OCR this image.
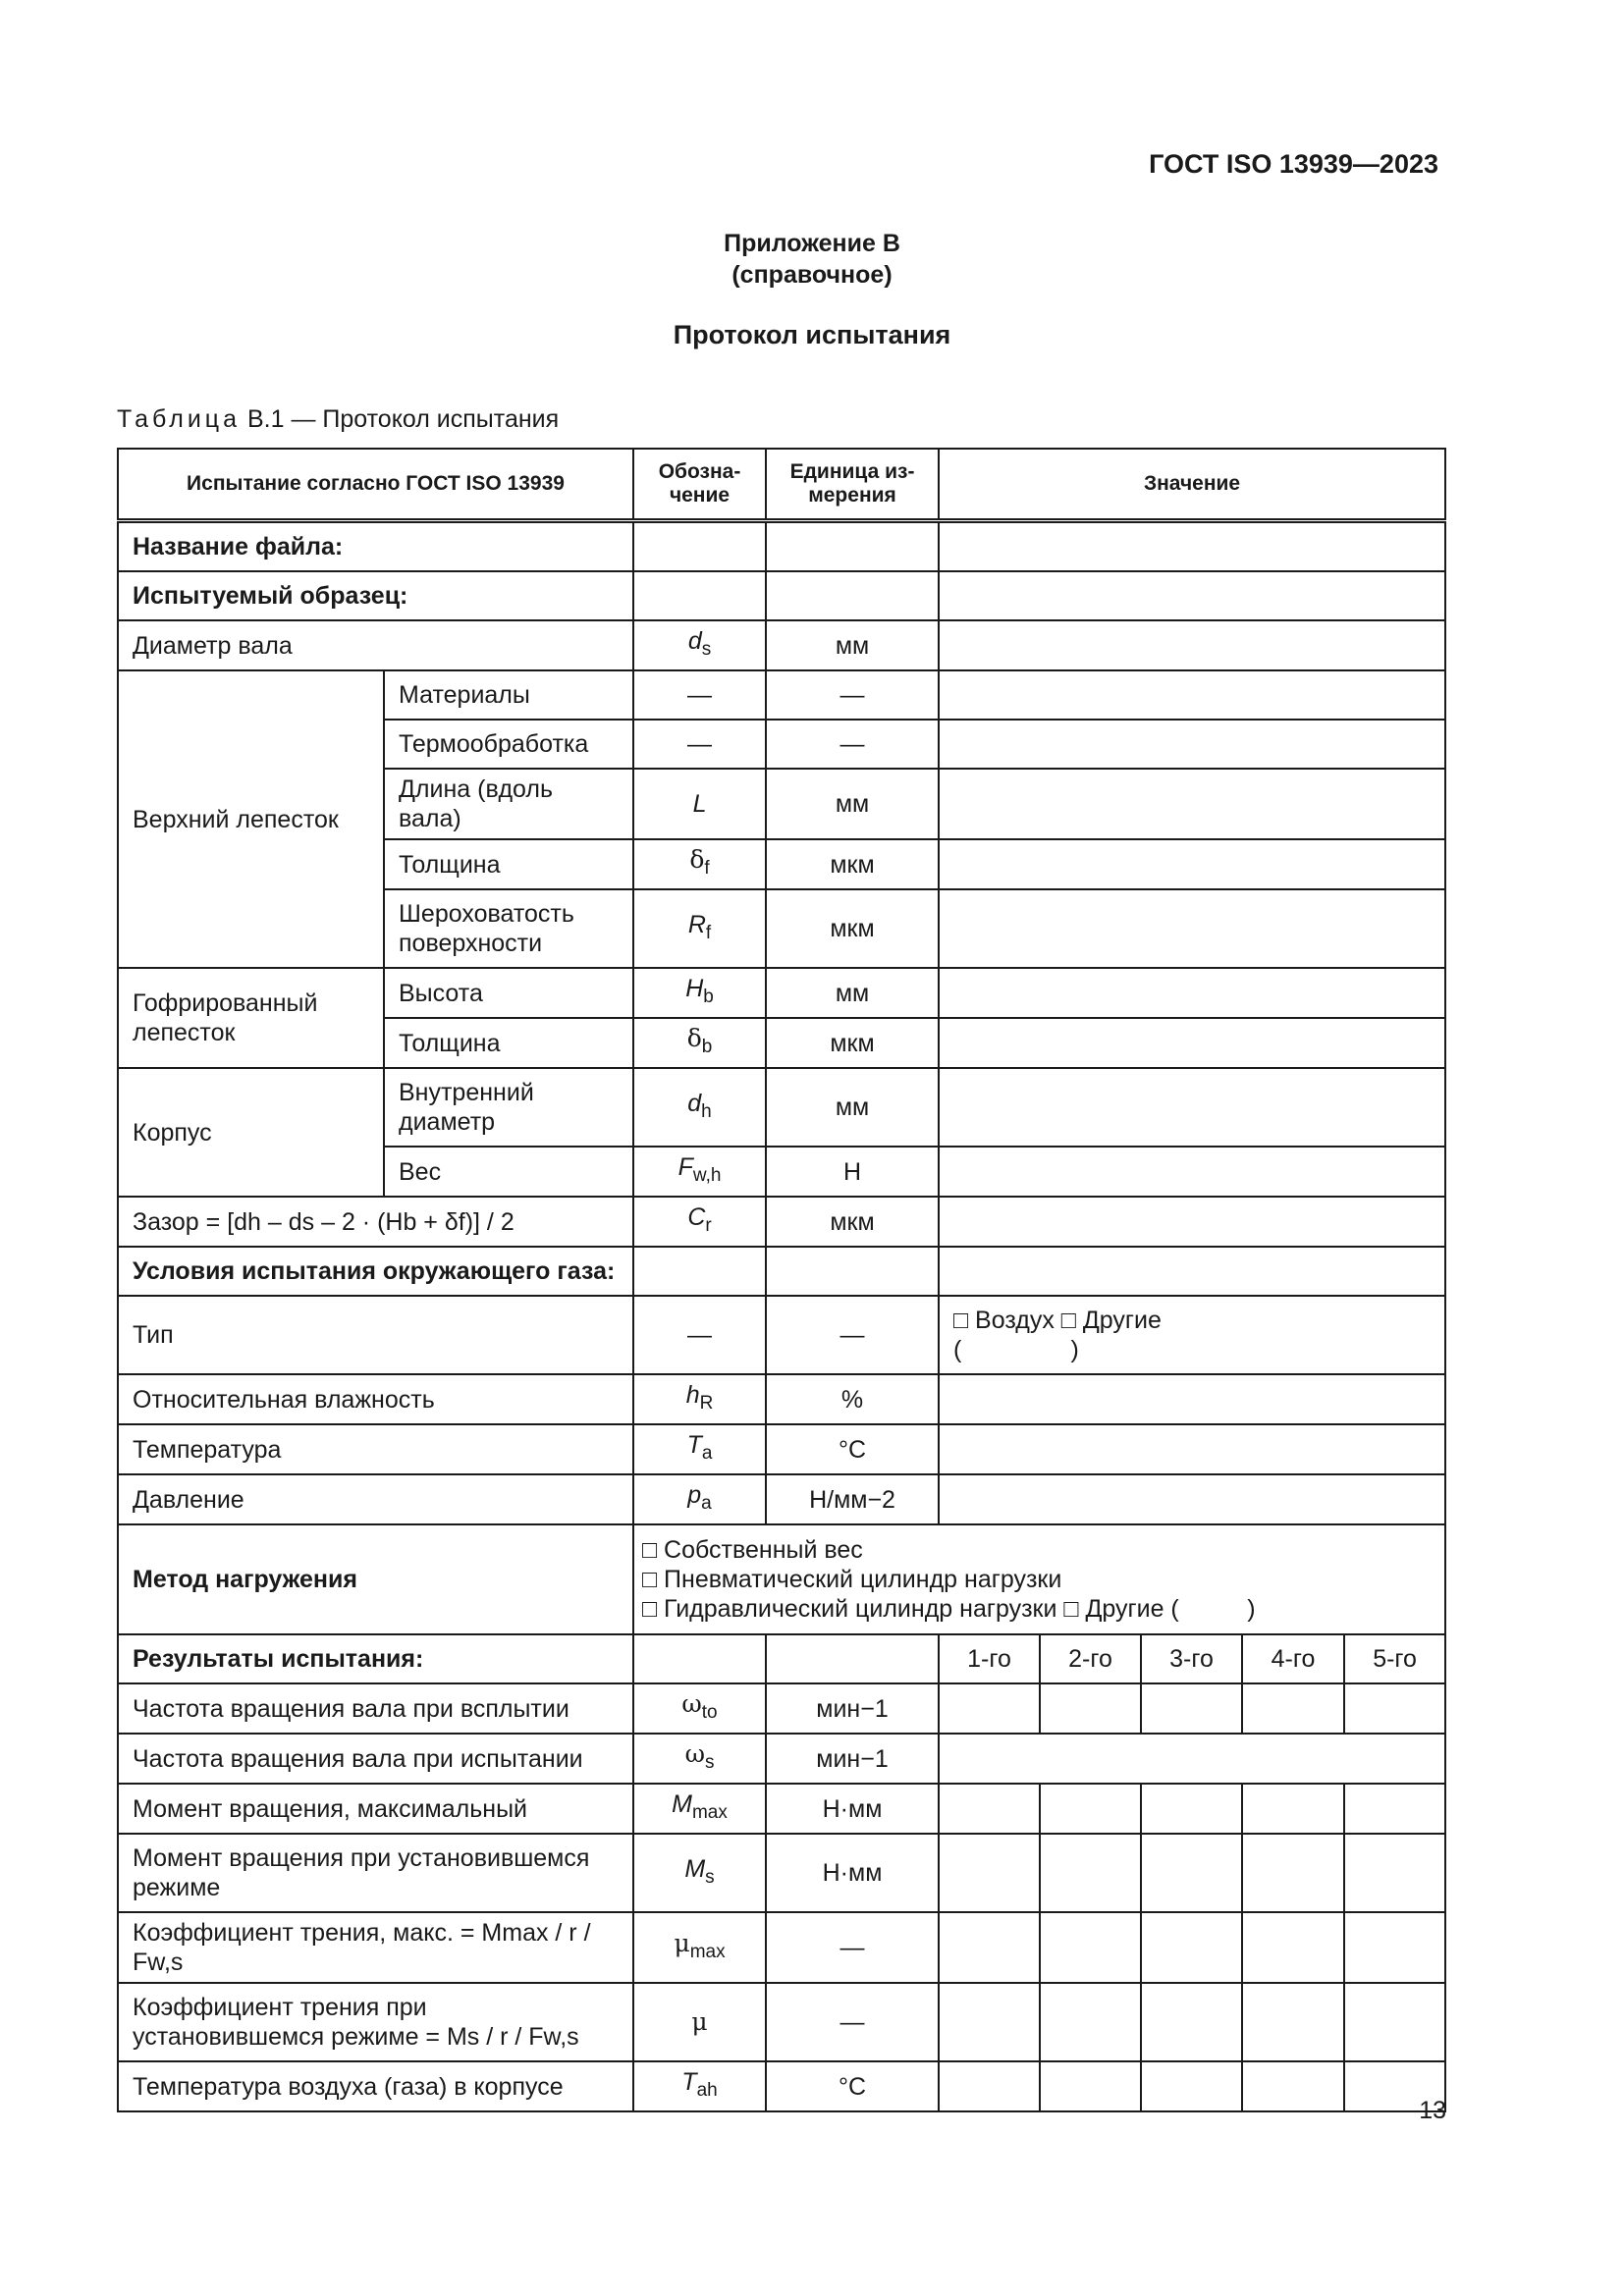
ГОСТ ISO 13939—2023
Приложение B
(справочное)
Протокол испытания
Таблица B.1 — Протокол испытания
Испытание согласно ГОСТ ISO 13939		Обозна-чение	Единица из-мерения	Значение				
Название файла:								
Испытуемый образец:								
Диаметр вала		$d_s$	мм					
Верхний лепесток	Материалы	—	—					
	Термообработка	—	—					
	Длина (вдоль вала)	L	мм					
	Толщина	$\delta_f$	мкм					
	Шероховатость поверхности	$R_f$	мкм					
Гофрированный лепесток	Высота	$H_b$	мм					
	Толщина	$\delta_b$	мкм					
Корпус	Внутренний диаметр	$d_h$	мм					
	Вес	$F_{w,h}$	Н					
Зазор = [dh – ds – 2 · (Hb + δf)] / 2		$C_r$	мкм					
Условия испытания окружающего газа:								
Тип		—	—	□ Воздух □ Другие
(                )				

Относительная влажность		$h_R$	%					
Температура		$T_a$	°С					
Давление		$p_a$	Н/мм−2					
Метод нагружения		□ Собственный вес
□ Пневматический цилиндр нагрузки
□ Гидравлический цилиндр нагрузки □ Другие (          )						

Результаты испытания:				1-го	2-го	3-го	4-го	5-го
Частота вращения вала при всплытии		$\omega_{to}$	мин−1					
Частота вращения вала при испытании		$\omega_s$	мин−1					
Момент вращения, максимальный		$M_{max}$	Н·мм					
Момент вращения при установившемся режиме		$M_s$	Н·мм					
Коэффициент трения, макс. = Mmax / r / Fw,s		$\mu_{max}$	—					
Коэффициент трения при установившемся режиме = Ms / r / Fw,s		μ	—					
Температура воздуха (газа) в корпусе		$T_{ah}$	°С					
13
